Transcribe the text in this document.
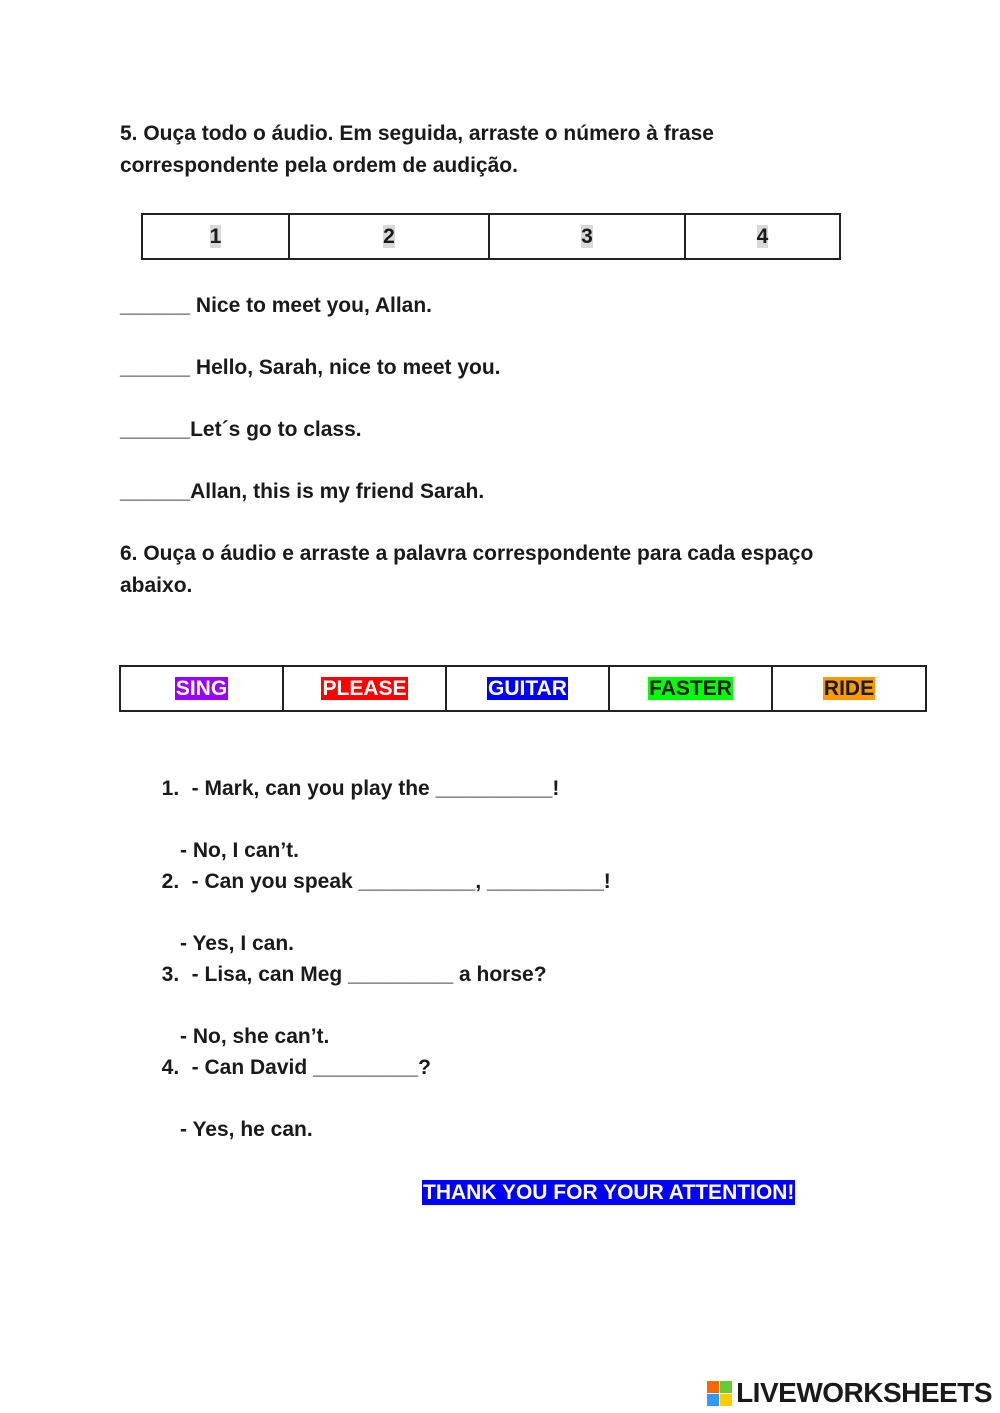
5. Ouça todo o áudio. Em seguida, arraste o número à frase
correspondente pela ordem de audição.
1	2	3	4
______ Nice to meet you, Allan.
______ Hello, Sarah, nice to meet you.
______Let´s go to class.
______Allan, this is my friend Sarah.
6. Ouça o áudio e arraste a palavra correspondente para cada espaço
abaixo.
SING	PLEASE	GUITAR	FASTER	RIDE

1. - Mark, can you play the __________!

- No, I can’t.

2. - Can you speak __________, __________!

- Yes, I can.

3. - Lisa, can Meg _________ a horse?

- No, she can’t.

4. - Can David _________?

- Yes, he can.

THANK YOU FOR YOUR ATTENTION!
LIVEWORKSHEETS
